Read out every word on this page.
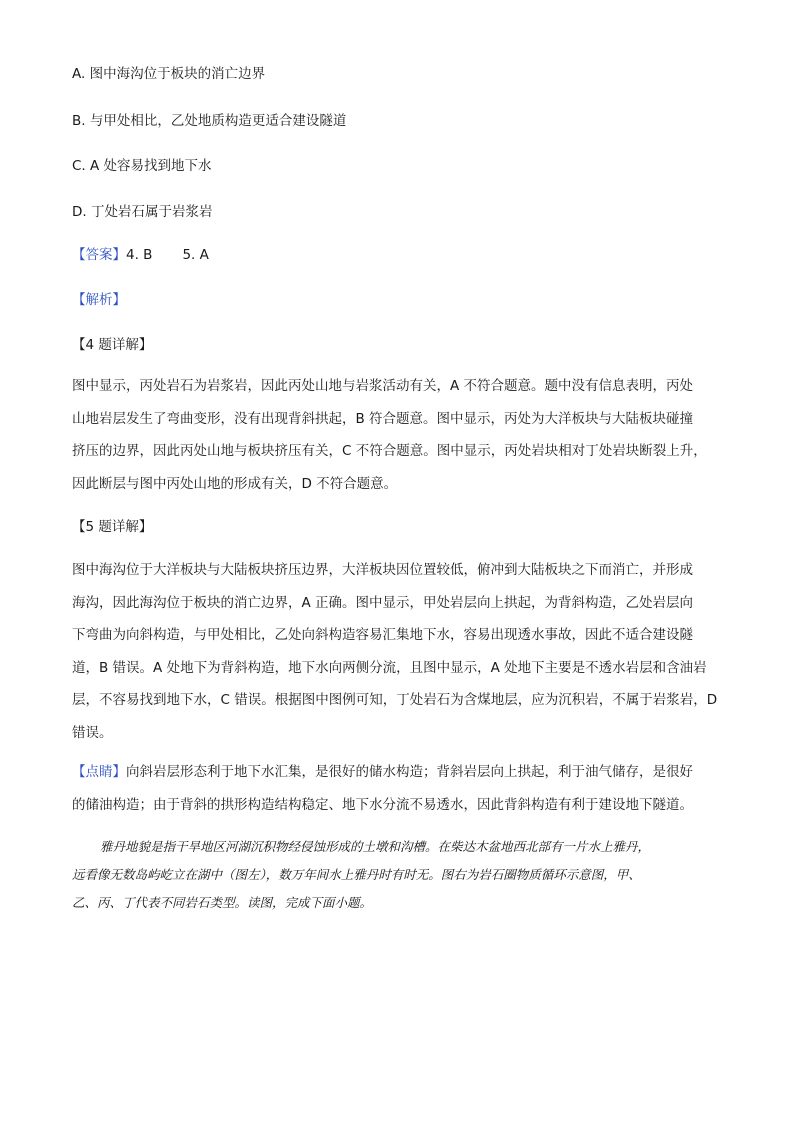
A. 图中海沟位于板块的消亡边界
B. 与甲处相比，乙处地质构造更适合建设隧道
C. A 处容易找到地下水
D. 丁处岩石属于岩浆岩
【答案】4. B 5. A
【解析】
【4 题详解】
图中显示，丙处岩石为岩浆岩，因此丙处山地与岩浆活动有关，A 不符合题意。题中没有信息表明，丙处
山地岩层发生了弯曲变形，没有出现背斜拱起，B 符合题意。图中显示，丙处为大洋板块与大陆板块碰撞
挤压的边界，因此丙处山地与板块挤压有关，C 不符合题意。图中显示，丙处岩块相对丁处岩块断裂上升，
因此断层与图中丙处山地的形成有关，D 不符合题意。
【5 题详解】
图中海沟位于大洋板块与大陆板块挤压边界，大洋板块因位置较低，俯冲到大陆板块之下而消亡，并形成
海沟，因此海沟位于板块的消亡边界，A 正确。图中显示，甲处岩层向上拱起，为背斜构造，乙处岩层向
下弯曲为向斜构造，与甲处相比，乙处向斜构造容易汇集地下水，容易出现透水事故，因此不适合建设隧
道，B 错误。A 处地下为背斜构造，地下水向两侧分流，且图中显示，A 处地下主要是不透水岩层和含油岩
层，不容易找到地下水，C 错误。根据图中图例可知，丁处岩石为含煤地层，应为沉积岩，不属于岩浆岩，D
错误。
【点睛】向斜岩层形态利于地下水汇集，是很好的储水构造；背斜岩层向上拱起，利于油气储存，是很好
的储油构造；由于背斜的拱形构造结构稳定、地下水分流不易透水，因此背斜构造有利于建设地下隧道。
雅丹地貌是指干旱地区河湖沉积物经侵蚀形成的土墩和沟槽。在柴达木盆地西北部有一片水上雅丹，
远看像无数岛屿屹立在湖中（图左），数万年间水上雅丹时有时无。图右为岩石圈物质循环示意图，甲、
乙、丙、丁代表不同岩石类型。读图，完成下面小题。
